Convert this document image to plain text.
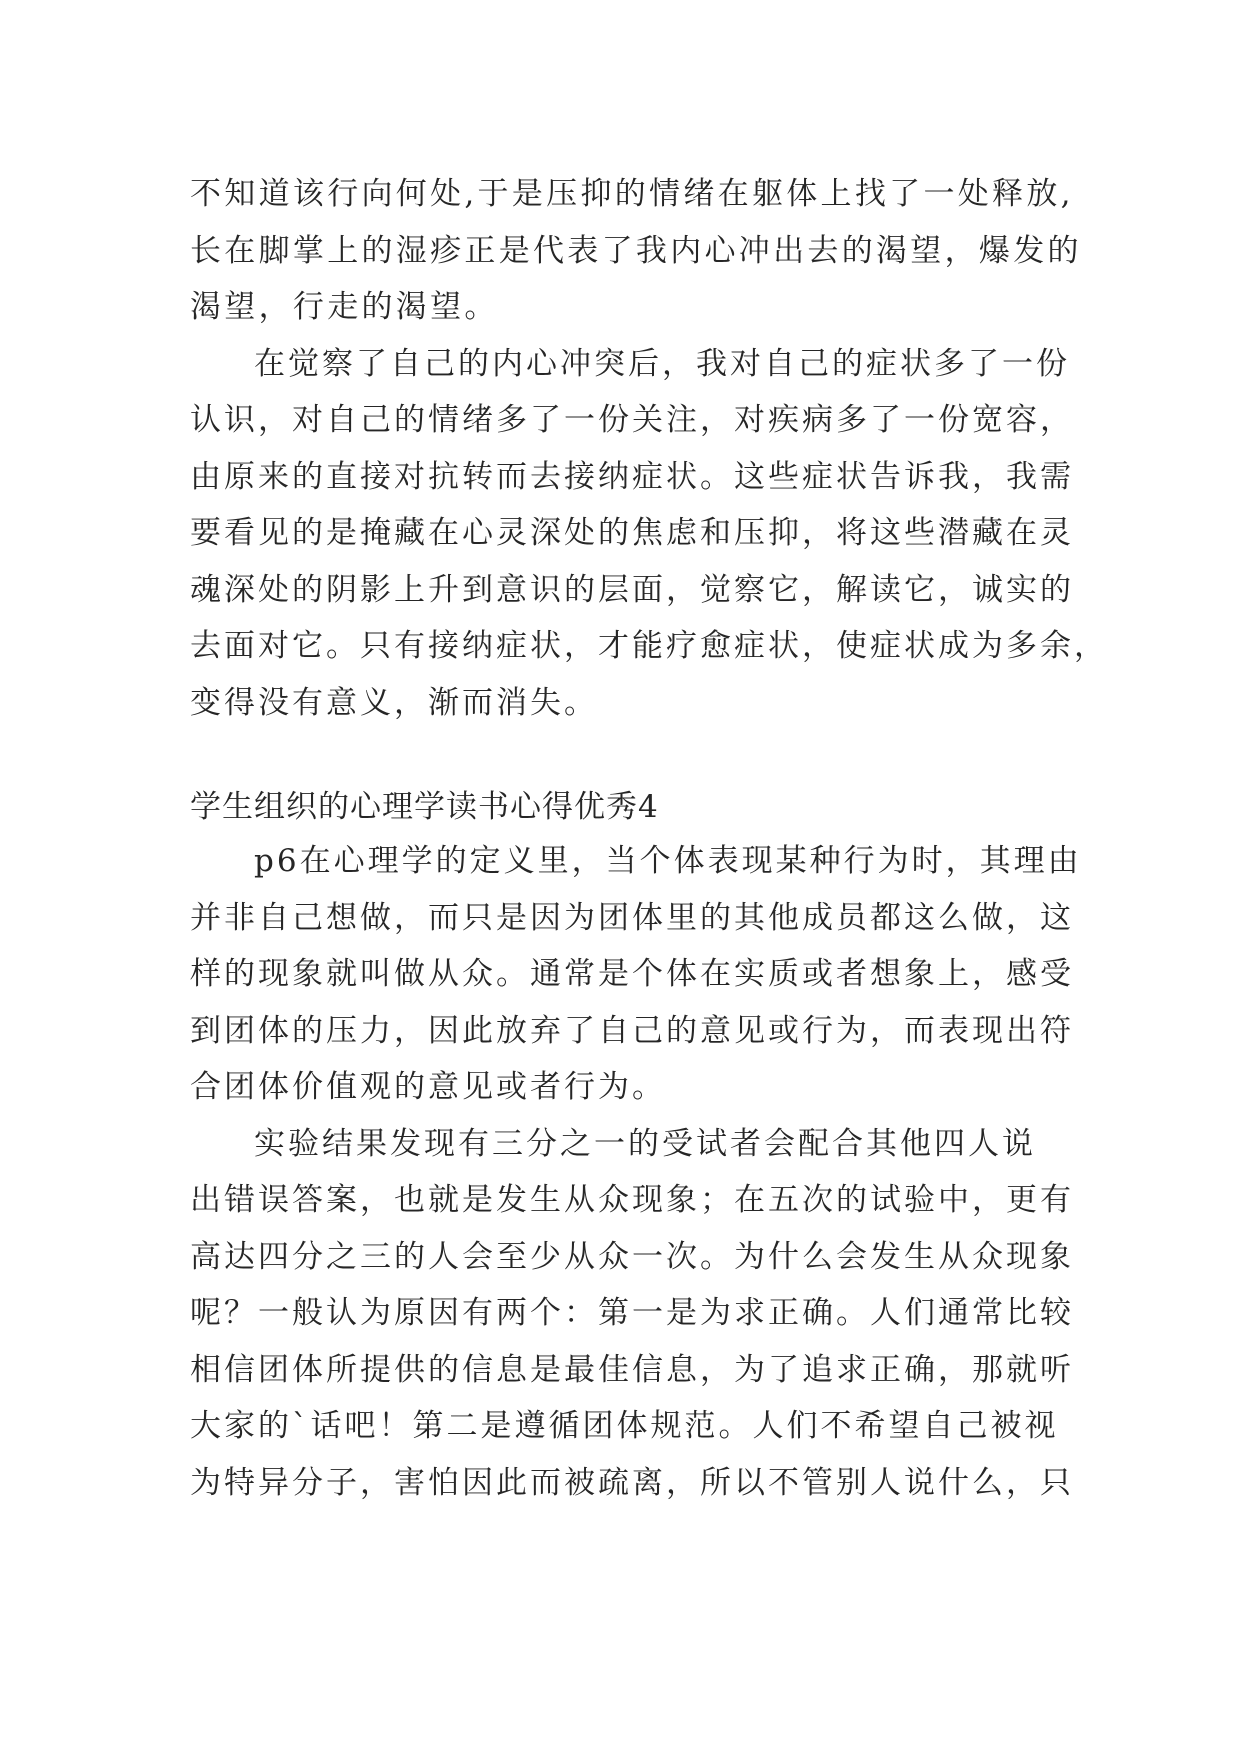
不知道该行向何处,于是压抑的情绪在躯体上找了一处释放,
长在脚掌上的湿疹正是代表了我内心冲出去的渴望，爆发的
渴望，行走的渴望。
在觉察了自己的内心冲突后，我对自己的症状多了一份
认识，对自己的情绪多了一份关注，对疾病多了一份宽容，
由原来的直接对抗转而去接纳症状。这些症状告诉我，我需
要看见的是掩藏在心灵深处的焦虑和压抑，将这些潜藏在灵
魂深处的阴影上升到意识的层面，觉察它，解读它，诚实的
去面对它。只有接纳症状，才能疗愈症状，使症状成为多余，
变得没有意义，渐而消失。
学生组织的心理学读书心得优秀4
p6在心理学的定义里，当个体表现某种行为时，其理由
并非自己想做，而只是因为团体里的其他成员都这么做，这
样的现象就叫做从众。通常是个体在实质或者想象上，感受
到团体的压力，因此放弃了自己的意见或行为，而表现出符
合团体价值观的意见或者行为。
实验结果发现有三分之一的受试者会配合其他四人说
出错误答案，也就是发生从众现象；在五次的试验中，更有
高达四分之三的人会至少从众一次。为什么会发生从众现象
呢？一般认为原因有两个：第一是为求正确。人们通常比较
相信团体所提供的信息是最佳信息，为了追求正确，那就听
大家的`话吧！第二是遵循团体规范。人们不希望自己被视
为特异分子，害怕因此而被疏离，所以不管别人说什么，只
